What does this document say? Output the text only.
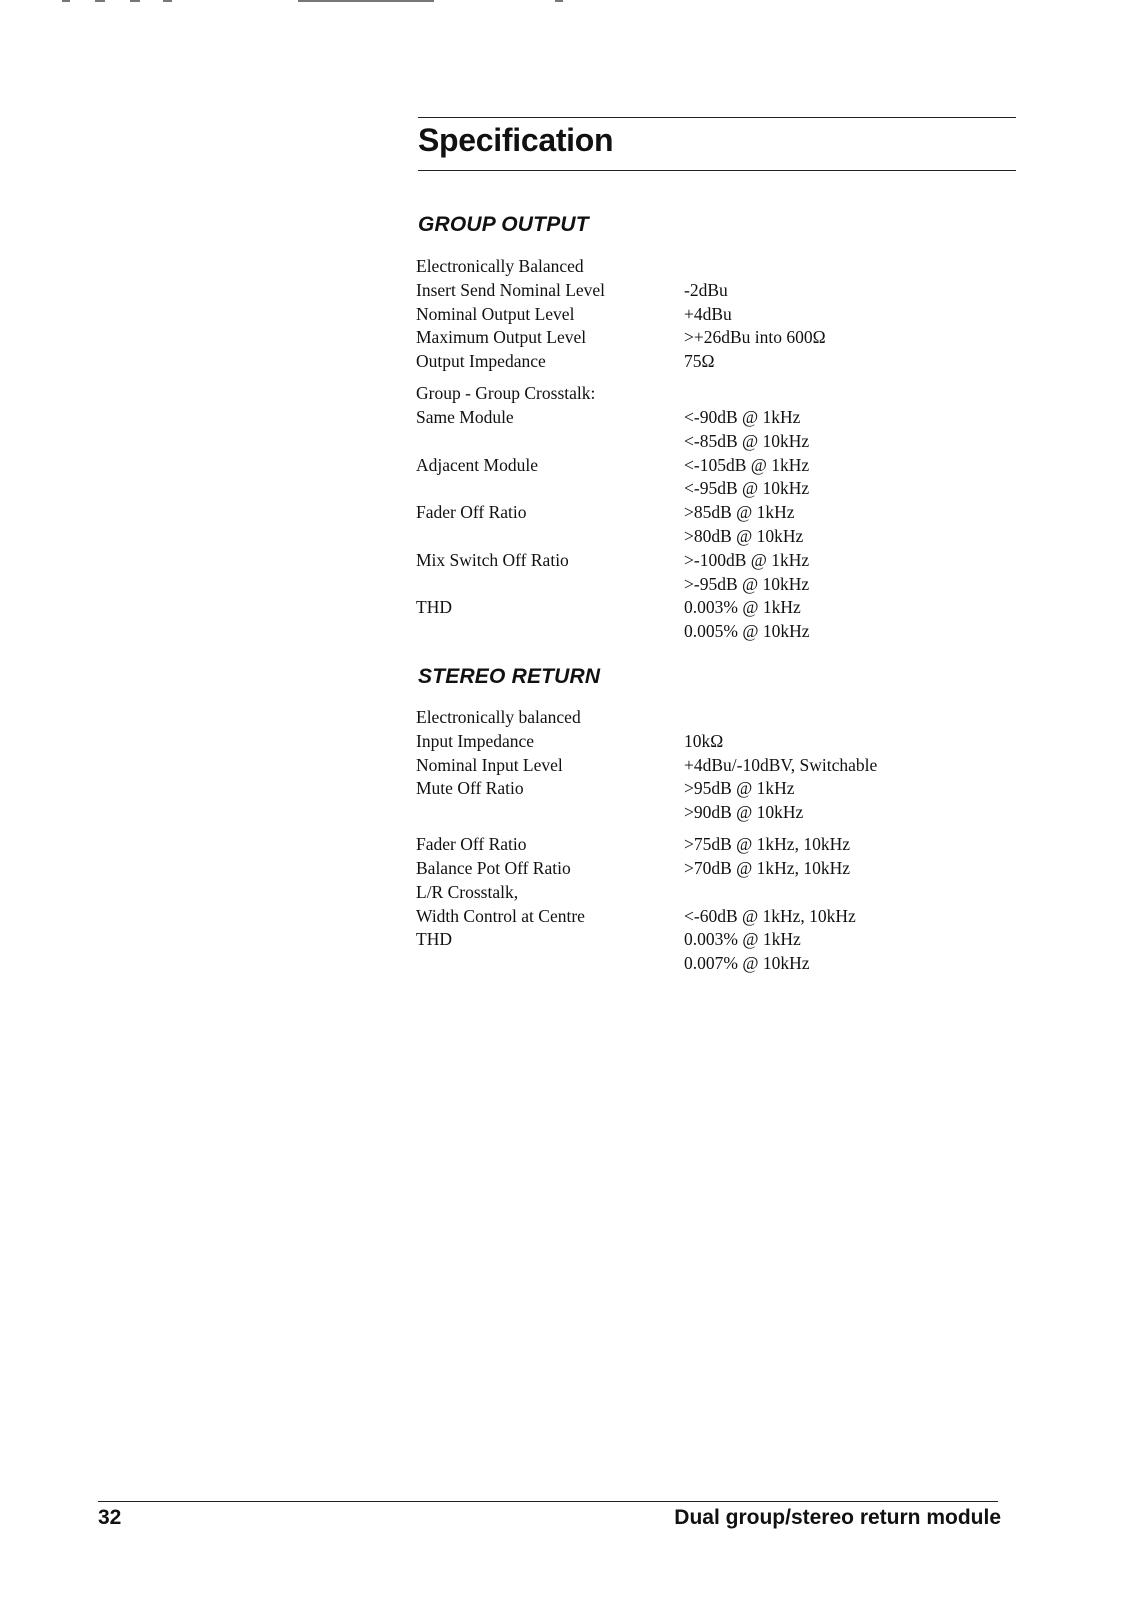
Specification
GROUP OUTPUT
Electronically Balanced
Insert Send Nominal Level	-2dBu
Nominal Output Level	+4dBu
Maximum Output Level	>+26dBu into 600Ω
Output Impedance	75Ω
Group - Group Crosstalk:
Same Module	<-90dB @ 1kHz
<-85dB @ 10kHz
Adjacent Module	<-105dB @ 1kHz
<-95dB @ 10kHz
Fader Off Ratio	>85dB @ 1kHz
>80dB @ 10kHz
Mix Switch Off Ratio	>-100dB @ 1kHz
>-95dB @ 10kHz
THD	0.003% @ 1kHz
0.005% @ 10kHz
STEREO RETURN
Electronically balanced
Input Impedance	10kΩ
Nominal Input Level	+4dBu/-10dBV, Switchable
Mute Off Ratio	>95dB @ 1kHz
>90dB @ 10kHz
Fader Off Ratio	>75dB @ 1kHz, 10kHz
Balance Pot Off Ratio	>70dB @ 1kHz, 10kHz
L/R Crosstalk,
Width Control at Centre	<-60dB @ 1kHz, 10kHz
THD	0.003% @ 1kHz
0.007% @ 10kHz
32	Dual group/stereo return module
